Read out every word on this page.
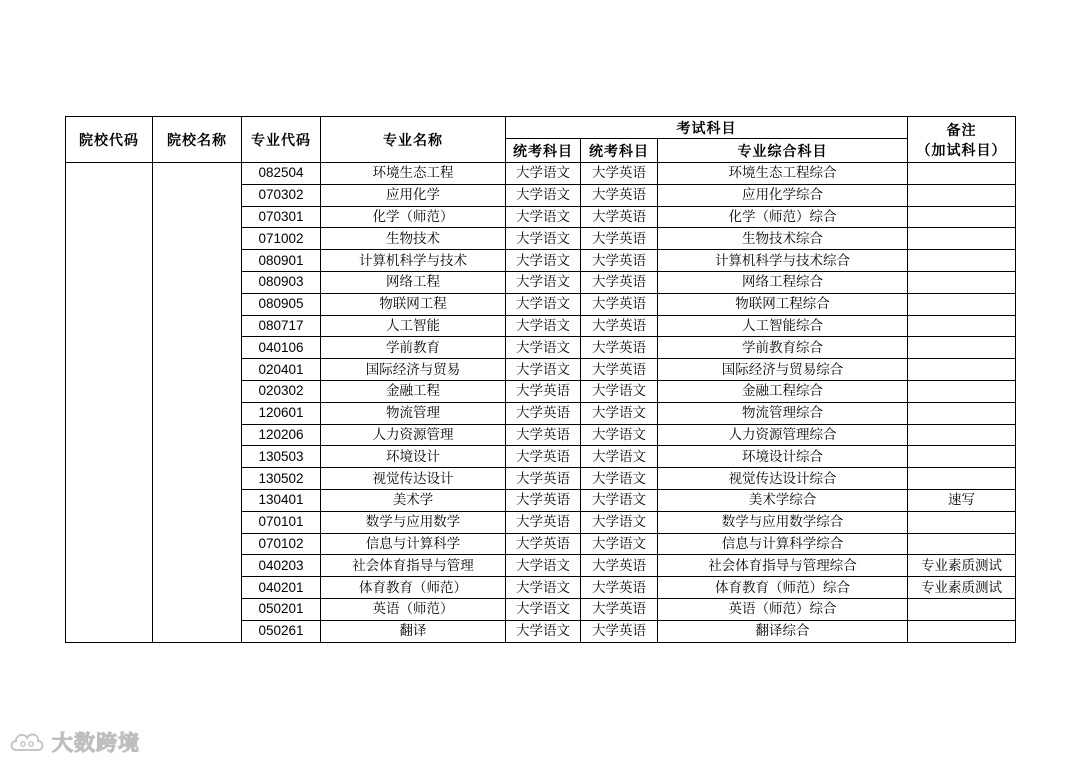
院校代码	院校名称	专业代码	专业名称	考试科目			备注
（加试科目）

				统考科目	统考科目	专业综合科目	
		082504	环境生态工程	大学语文	大学英语	环境生态工程综合	
		070302	应用化学	大学语文	大学英语	应用化学综合	
		070301	化学（师范）	大学语文	大学英语	化学（师范）综合	
		071002	生物技术	大学语文	大学英语	生物技术综合	
		080901	计算机科学与技术	大学语文	大学英语	计算机科学与技术综合	
		080903	网络工程	大学语文	大学英语	网络工程综合	
		080905	物联网工程	大学语文	大学英语	物联网工程综合	
		080717	人工智能	大学语文	大学英语	人工智能综合	
		040106	学前教育	大学语文	大学英语	学前教育综合	
		020401	国际经济与贸易	大学语文	大学英语	国际经济与贸易综合	
		020302	金融工程	大学英语	大学语文	金融工程综合	
		120601	物流管理	大学英语	大学语文	物流管理综合	
		120206	人力资源管理	大学英语	大学语文	人力资源管理综合	
		130503	环境设计	大学英语	大学语文	环境设计综合	
		130502	视觉传达设计	大学英语	大学语文	视觉传达设计综合	
		130401	美术学	大学英语	大学语文	美术学综合	速写
		070101	数学与应用数学	大学英语	大学语文	数学与应用数学综合	
		070102	信息与计算科学	大学英语	大学语文	信息与计算科学综合	
		040203	社会体育指导与管理	大学语文	大学英语	社会体育指导与管理综合	专业素质测试
		040201	体育教育（师范）	大学语文	大学英语	体育教育（师范）综合	专业素质测试
		050201	英语（师范）	大学语文	大学英语	英语（师范）综合	
		050261	翻译	大学语文	大学英语	翻译综合	
大数跨境
